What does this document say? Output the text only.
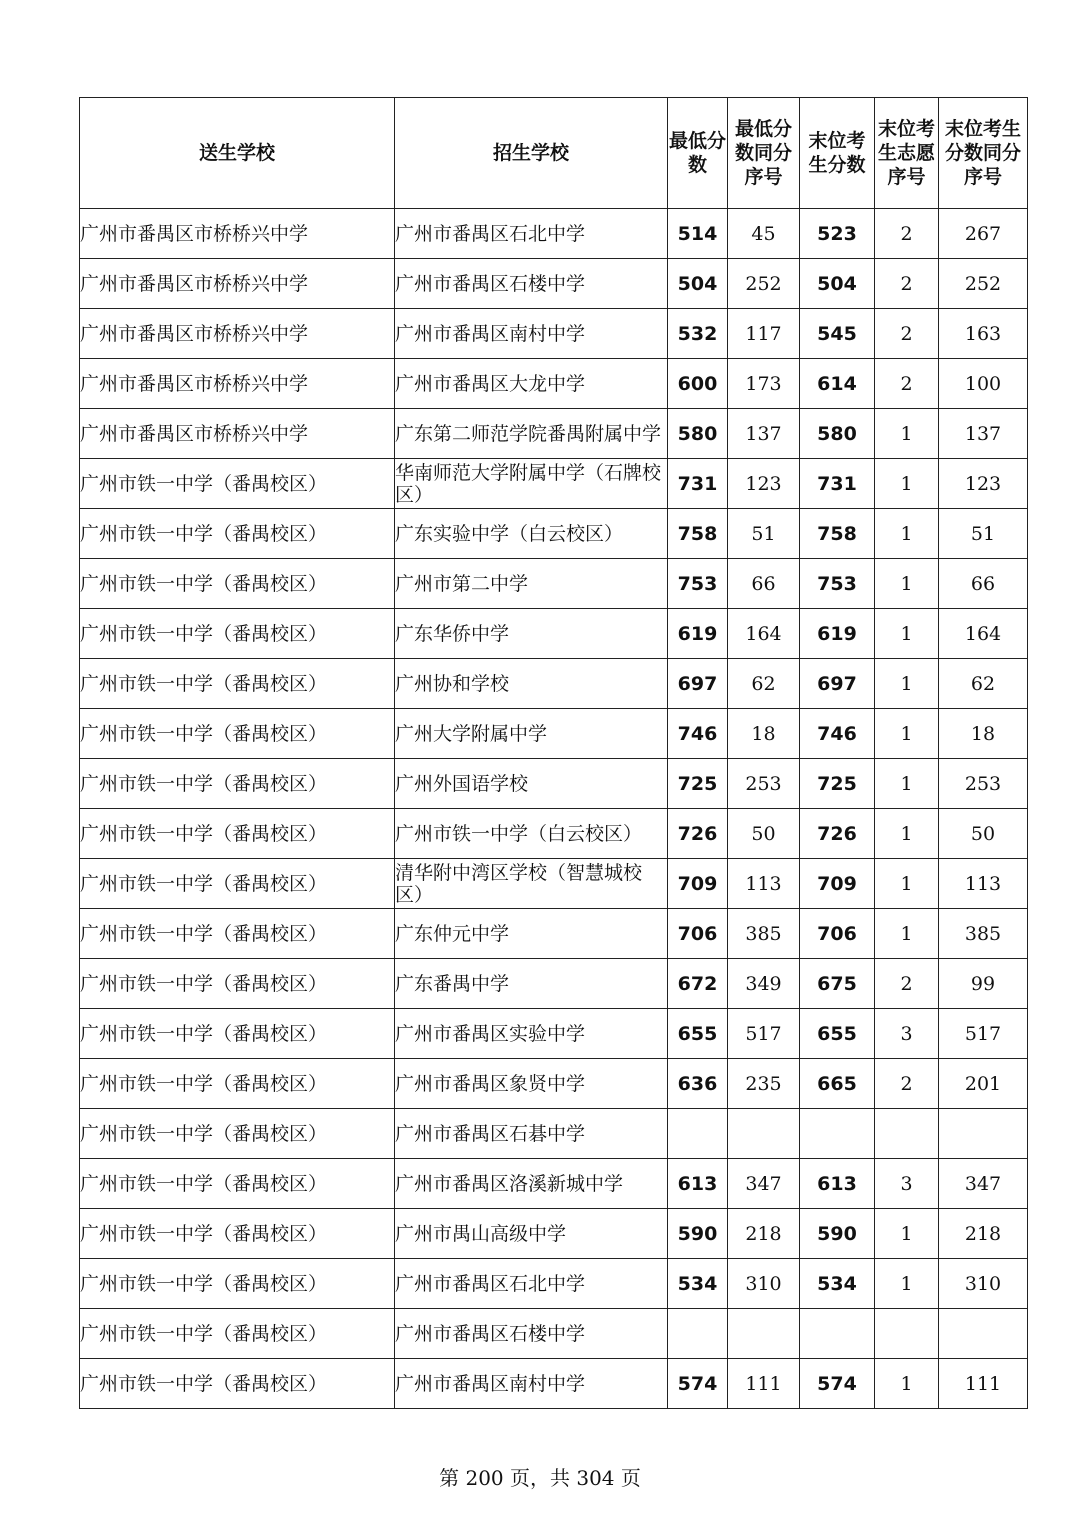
送生学校	招生学校	最低分数	最低分数同分序号	末位考生分数	末位考生志愿序号	末位考生分数同分序号
广州市番禺区市桥桥兴中学	广州市番禺区石北中学	514	45	523	2	267
广州市番禺区市桥桥兴中学	广州市番禺区石楼中学	504	252	504	2	252
广州市番禺区市桥桥兴中学	广州市番禺区南村中学	532	117	545	2	163
广州市番禺区市桥桥兴中学	广州市番禺区大龙中学	600	173	614	2	100
广州市番禺区市桥桥兴中学	广东第二师范学院番禺附属中学	580	137	580	1	137
广州市铁一中学（番禺校区）	华南师范大学附属中学（石牌校区）	731	123	731	1	123
广州市铁一中学（番禺校区）	广东实验中学（白云校区）	758	51	758	1	51
广州市铁一中学（番禺校区）	广州市第二中学	753	66	753	1	66
广州市铁一中学（番禺校区）	广东华侨中学	619	164	619	1	164
广州市铁一中学（番禺校区）	广州协和学校	697	62	697	1	62
广州市铁一中学（番禺校区）	广州大学附属中学	746	18	746	1	18
广州市铁一中学（番禺校区）	广州外国语学校	725	253	725	1	253
广州市铁一中学（番禺校区）	广州市铁一中学（白云校区）	726	50	726	1	50
广州市铁一中学（番禺校区）	清华附中湾区学校（智慧城校区）	709	113	709	1	113
广州市铁一中学（番禺校区）	广东仲元中学	706	385	706	1	385
广州市铁一中学（番禺校区）	广东番禺中学	672	349	675	2	99
广州市铁一中学（番禺校区）	广州市番禺区实验中学	655	517	655	3	517
广州市铁一中学（番禺校区）	广州市番禺区象贤中学	636	235	665	2	201
广州市铁一中学（番禺校区）	广州市番禺区石碁中学					
广州市铁一中学（番禺校区）	广州市番禺区洛溪新城中学	613	347	613	3	347
广州市铁一中学（番禺校区）	广州市禺山高级中学	590	218	590	1	218
广州市铁一中学（番禺校区）	广州市番禺区石北中学	534	310	534	1	310
广州市铁一中学（番禺校区）	广州市番禺区石楼中学					
广州市铁一中学（番禺校区）	广州市番禺区南村中学	574	111	574	1	111
第 200 页，共 304 页
